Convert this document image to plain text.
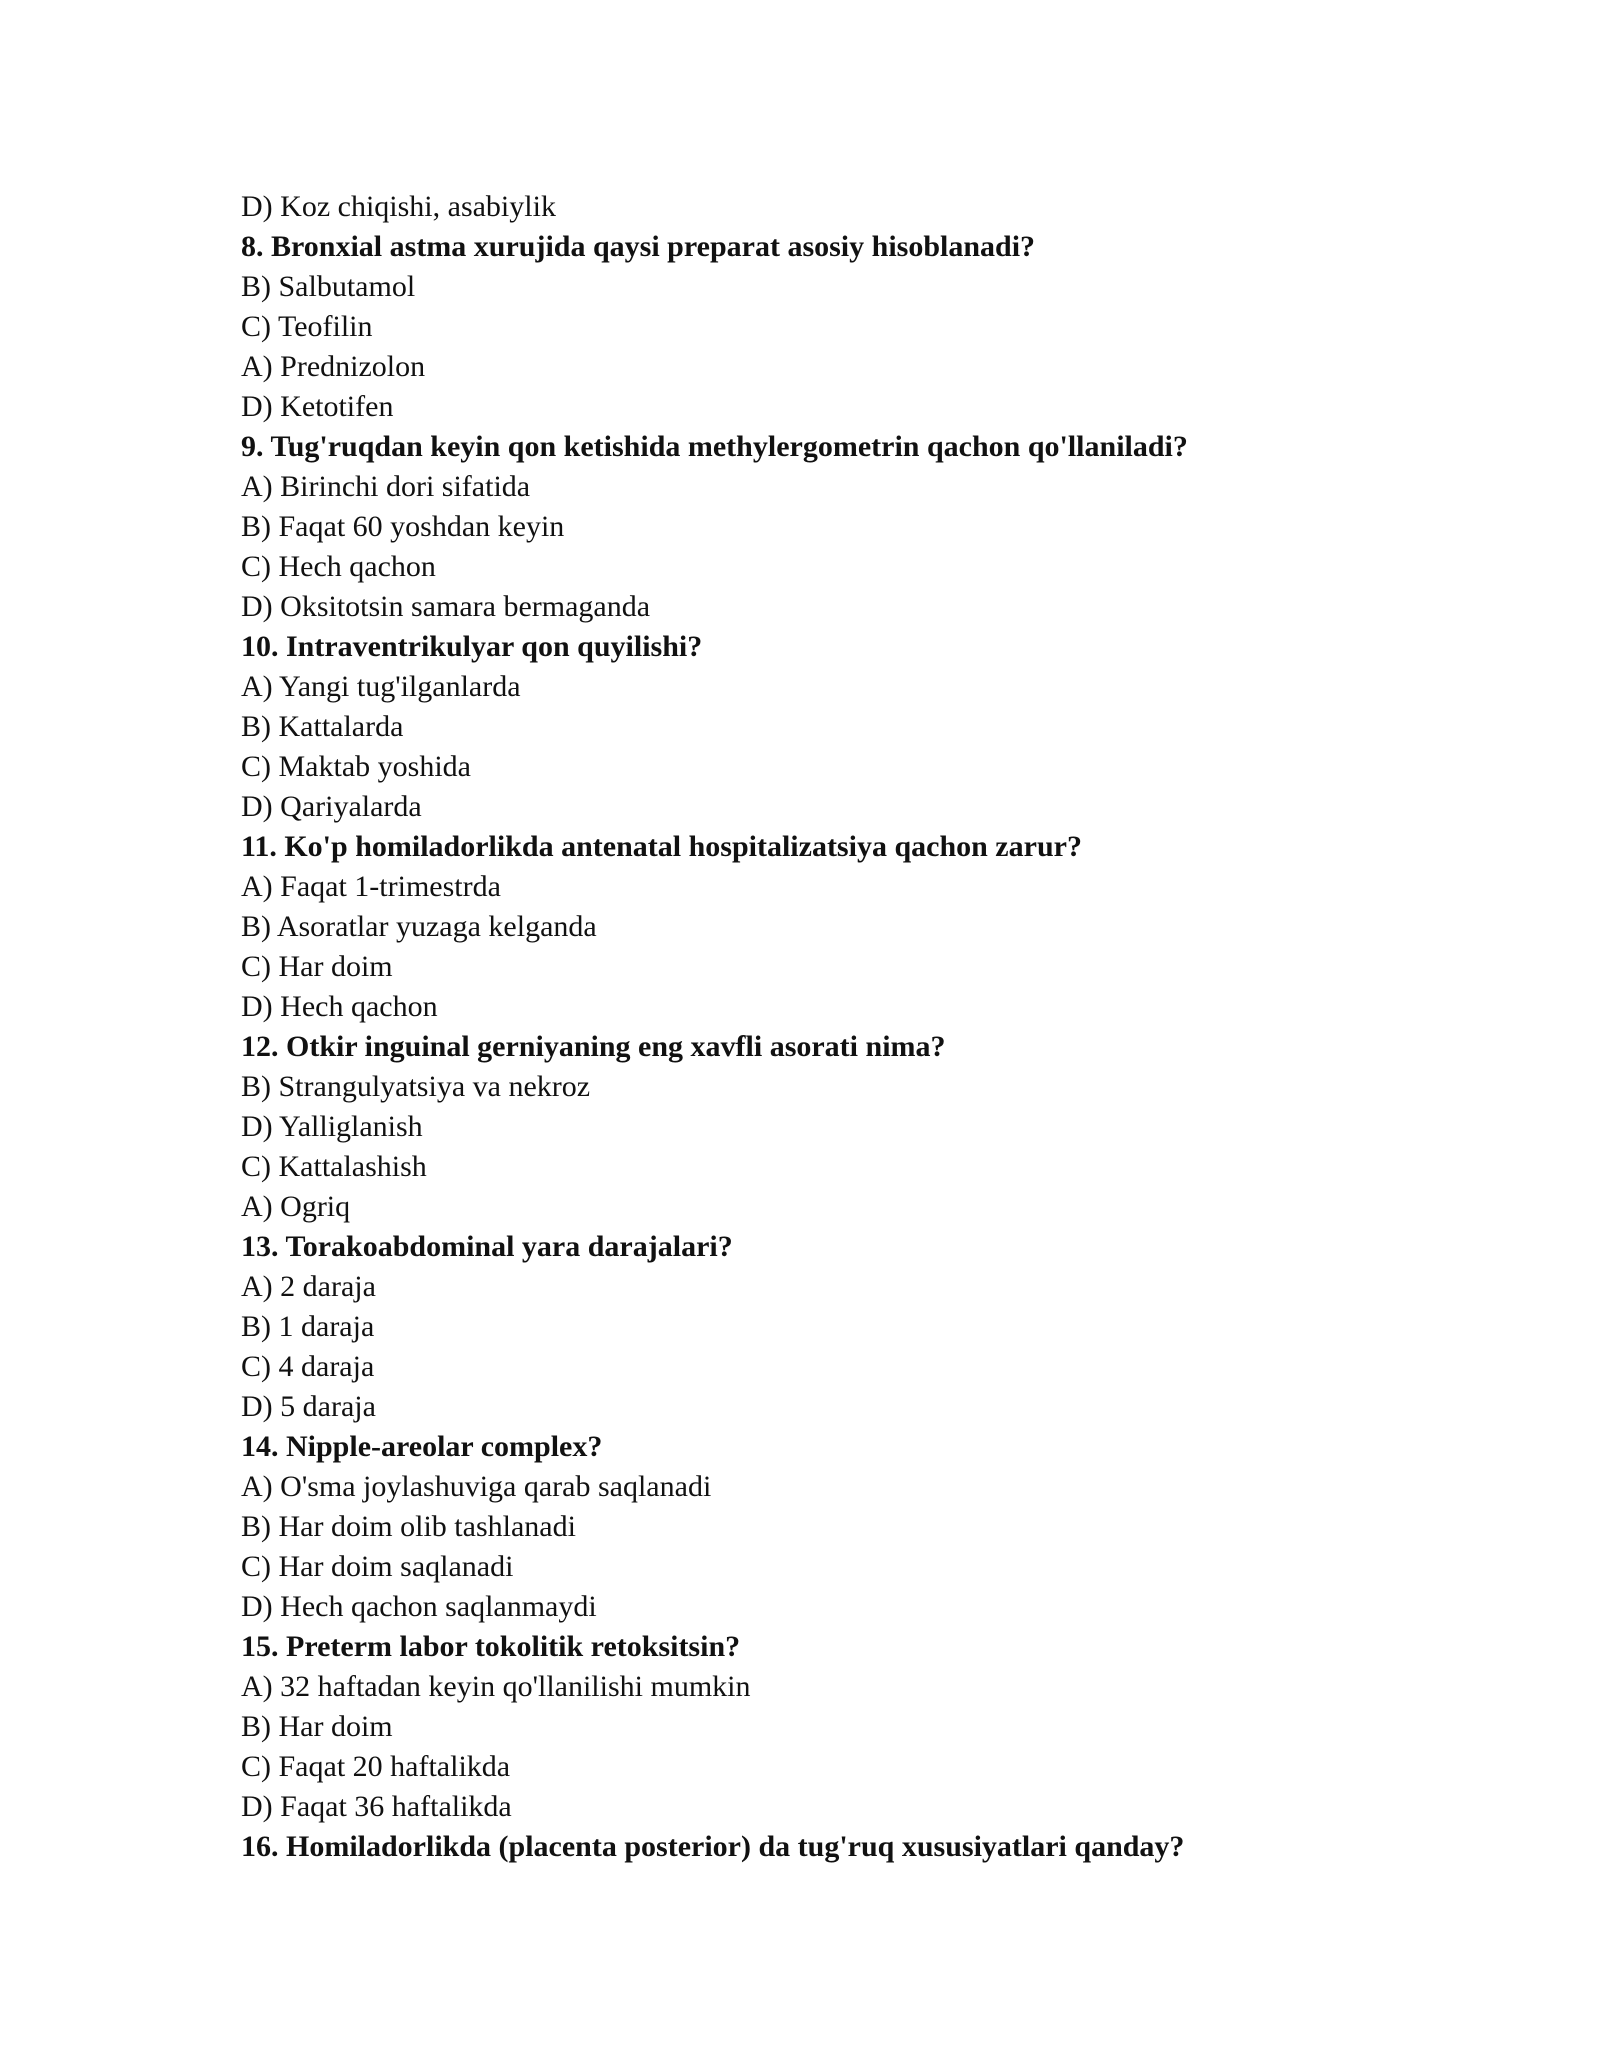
D) Koz chiqishi, asabiylik
8. Bronxial astma xurujida qaysi preparat asosiy hisoblanadi?
B) Salbutamol
C) Teofilin
A) Prednizolon
D) Ketotifen
9. Tug'ruqdan keyin qon ketishida methylergometrin qachon qo'llaniladi?
A) Birinchi dori sifatida
B) Faqat 60 yoshdan keyin
C) Hech qachon
D) Oksitotsin samara bermaganda
10. Intraventrikulyar qon quyilishi?
A) Yangi tug'ilganlarda
B) Kattalarda
C) Maktab yoshida
D) Qariyalarda
11. Ko'p homiladorlikda antenatal hospitalizatsiya qachon zarur?
A) Faqat 1-trimestrda
B) Asoratlar yuzaga kelganda
C) Har doim
D) Hech qachon
12. Otkir inguinal gerniyaning eng xavfli asorati nima?
B) Strangulyatsiya va nekroz
D) Yalliglanish
C) Kattalashish
A) Ogriq
13. Torakoabdominal yara darajalari?
A) 2 daraja
B) 1 daraja
C) 4 daraja
D) 5 daraja
14. Nipple-areolar complex?
A) O'sma joylashuviga qarab saqlanadi
B) Har doim olib tashlanadi
C) Har doim saqlanadi
D) Hech qachon saqlanmaydi
15. Preterm labor tokolitik retoksitsin?
A) 32 haftadan keyin qo'llanilishi mumkin
B) Har doim
C) Faqat 20 haftalikda
D) Faqat 36 haftalikda
16. Homiladorlikda (placenta posterior) da tug'ruq xususiyatlari qanday?
